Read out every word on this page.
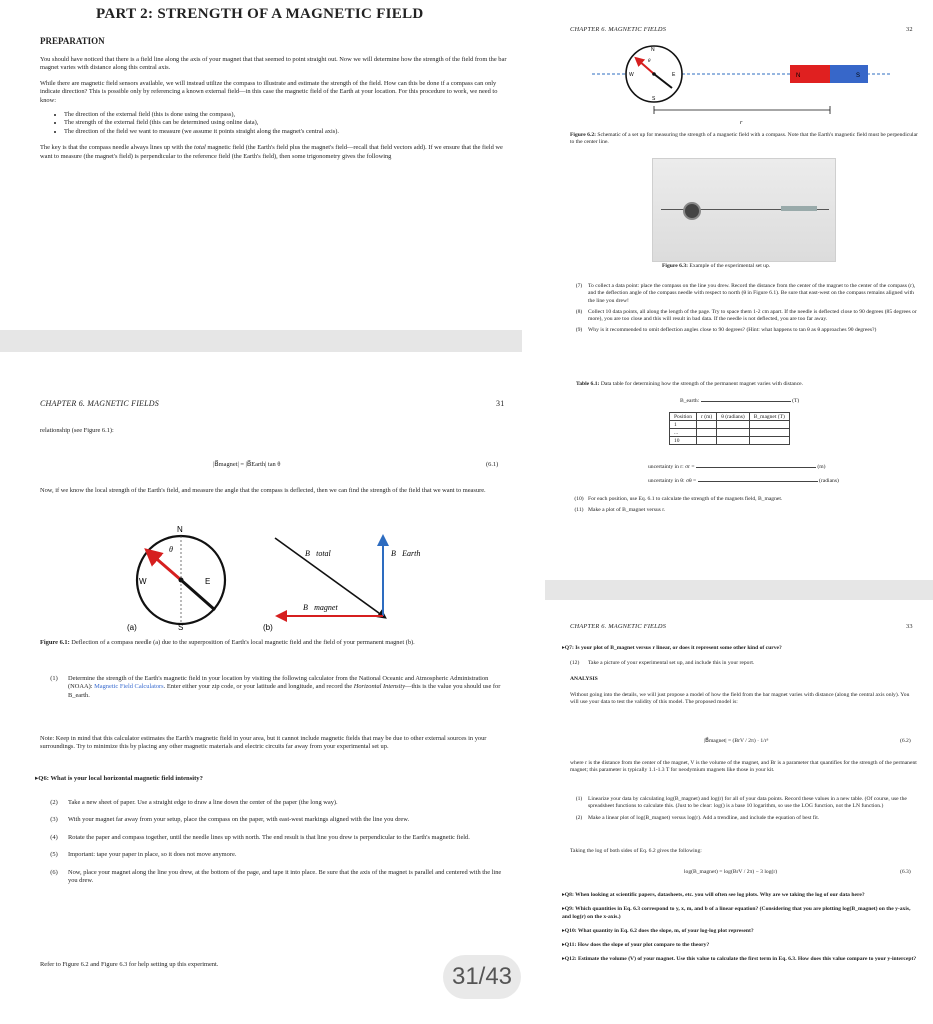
PART 2: STRENGTH OF A MAGNETIC FIELD
PREPARATION

You should have noticed that there is a field line along the axis of your magnet that that seemed to point straight out. Now we will determine how the strength of the field from the bar magnet varies with distance along this central axis.

While there are magnetic field sensors available, we will instead utilize the compass to illustrate and estimate the strength of the field. How can this be done if a compass can only indicate direction? This is possible only by referencing a known external field—in this case the magnetic field of the Earth at your location. For this procedure to work, we need to know:

• The direction of the external field (this is done using the compass),
• The strength of the external field (this can be determined using online data),
• The direction of the field we want to measure (we assume it points straight along the magnet's central axis).

The key is that the compass needle always lines up with the total magnetic field (the Earth's field plus the magnet's field—recall that field vectors add). If we ensure that the field we want to measure (the magnet's field) is perpendicular to the reference field (the Earth's field), then some trigonometry gives the following

CHAPTER 6. MAGNETIC FIELDS	31
relationship (see Figure 6.1):
|B⃗magnet| = |B⃗Earth| tan θ	(6.1)
Now, if we know the local strength of the Earth's field, and measure the angle that the compass is deflected, then we can find the strength of the field that we want to measure.
N
S
E
W
θ
(a)	(b)
B⃗total	B⃗Earth
B⃗magnet
Figure 6.1: Deflection of a compass needle (a) due to the superposition of Earth's local magnetic field and the field of your permanent magnet (b).
(1)	Determine the strength of the Earth's magnetic field in your location by visiting the following calculator from the National Oceanic and Atmospheric Administration (NOAA): Magnetic Field Calculators. Enter either your zip code, or your latitude and longitude, and record the Horizontal Intensity—this is the value you should use for B_earth.
Note: Keep in mind that this calculator estimates the Earth's magnetic field in your area, but it cannot include magnetic fields that may be due to other external sources in your surroundings. Try to minimize this by placing any other magnetic materials and electric circuits far away from your experimental set up.
▸Q6: What is your local horizontal magnetic field intensity?
(2)	Take a new sheet of paper. Use a straight edge to draw a line down the center of the paper (the long way).
(3)	With your magnet far away from your setup, place the compass on the paper, with east-west markings aligned with the line you drew.
(4)	Rotate the paper and compass together, until the needle lines up with north. The end result is that line you drew is perpendicular to the Earth's magnetic field.
(5)	Important: tape your paper in place, so it does not move anymore.
(6)	Now, place your magnet along the line you drew, at the bottom of the page, and tape it into place. Be sure that the axis of the magnet is parallel and centered with the line you drew.
Refer to Figure 6.2 and Figure 6.3 for help setting up this experiment.	31/43
CHAPTER 6. MAGNETIC FIELDS	32
N
S
E
W
θ
N	S
r
Figure 6.2: Schematic of a set up for measuring the strength of a magnetic field with a compass. Note that the Earth's magnetic field must be perpendicular to the center line.
Figure 6.3: Example of the experimental set up.
(7)	To collect a data point: place the compass on the line you drew. Record the distance from the center of the magnet to the center of the compass (r), and the deflection angle of the compass needle with respect to north (θ in Figure 6.1). Be sure that east-west on the compass remains aligned with the line you drew!
(8)	Collect 10 data points, all along the length of the page. Try to space them 1-2 cm apart. If the needle is deflected close to 90 degrees (85 degrees or more), you are too close and this will result in bad data. If the needle is not deflected, you are too far away.
(9)	Why is it recommended to omit deflection angles close to 90 degrees? (Hint: what happens to tan θ as θ approaches 90 degrees?)
Table 6.1: Data table for determining how the strength of the permanent magnet varies with distance.
B_earth:	(T)
Position	r (m)	θ (radians)	B_magnet (T)
1			
...			
10			
uncertainty in r: σr =	(m)
uncertainty in θ: σθ =	(radians)
(10) For each position, use Eq. 6.1 to calculate the strength of the magnets field, B_magnet.
(11) Make a plot of B_magnet versus r.
CHAPTER 6. MAGNETIC FIELDS	33
▸Q7: Is your plot of B_magnet versus r linear, or does it represent some other kind of curve?
(12)	Take a picture of your experimental set up, and include this in your report.
ANALYSIS
Without going into the details, we will just propose a model of how the field from the bar magnet varies with distance (along the central axis only). You will use your data to test the validity of this model. The proposed model is:
|B⃗magnet| = (BrV / 2π) · 1/r³	(6.2)
where r is the distance from the center of the magnet, V is the volume of the magnet, and Br is a parameter that quantifies for the strength of the permanent magnet; this parameter is typically 1.1-1.3 T for neodymium magnets like those in your kit.
(1)	Linearize your data by calculating log(B_magnet) and log(r) for all of your data points. Record these values in a new table. (Of course, use the spreadsheet functions to calculate this. (Just to be clear: log() is a base 10 logarithm, so use the LOG function, not the LN function.)
(2)	Make a linear plot of log(B_magnet) versus log(r). Add a trendline, and include the equation of best fit.
Taking the log of both sides of Eq. 6.2 gives the following:
log(B_magnet) = log(BrV / 2π) − 3 log(r)	(6.3)
▸Q8: When looking at scientific papers, datasheets, etc. you will often see log plots. Why are we taking the log of our data here?
▸Q9: Which quantities in Eq. 6.3 correspond to y, x, m, and b of a linear equation? (Considering that you are plotting log(B_magnet) on the y-axis, and log(r) on the x-axis.)
▸Q10: What quantity in Eq. 6.2 does the slope, m, of your log-log plot represent?
▸Q11: How does the slope of your plot compare to the theory?
▸Q12: Estimate the volume (V) of your magnet. Use this value to calculate the first term in Eq. 6.3. How does this value compare to your y-intercept?
